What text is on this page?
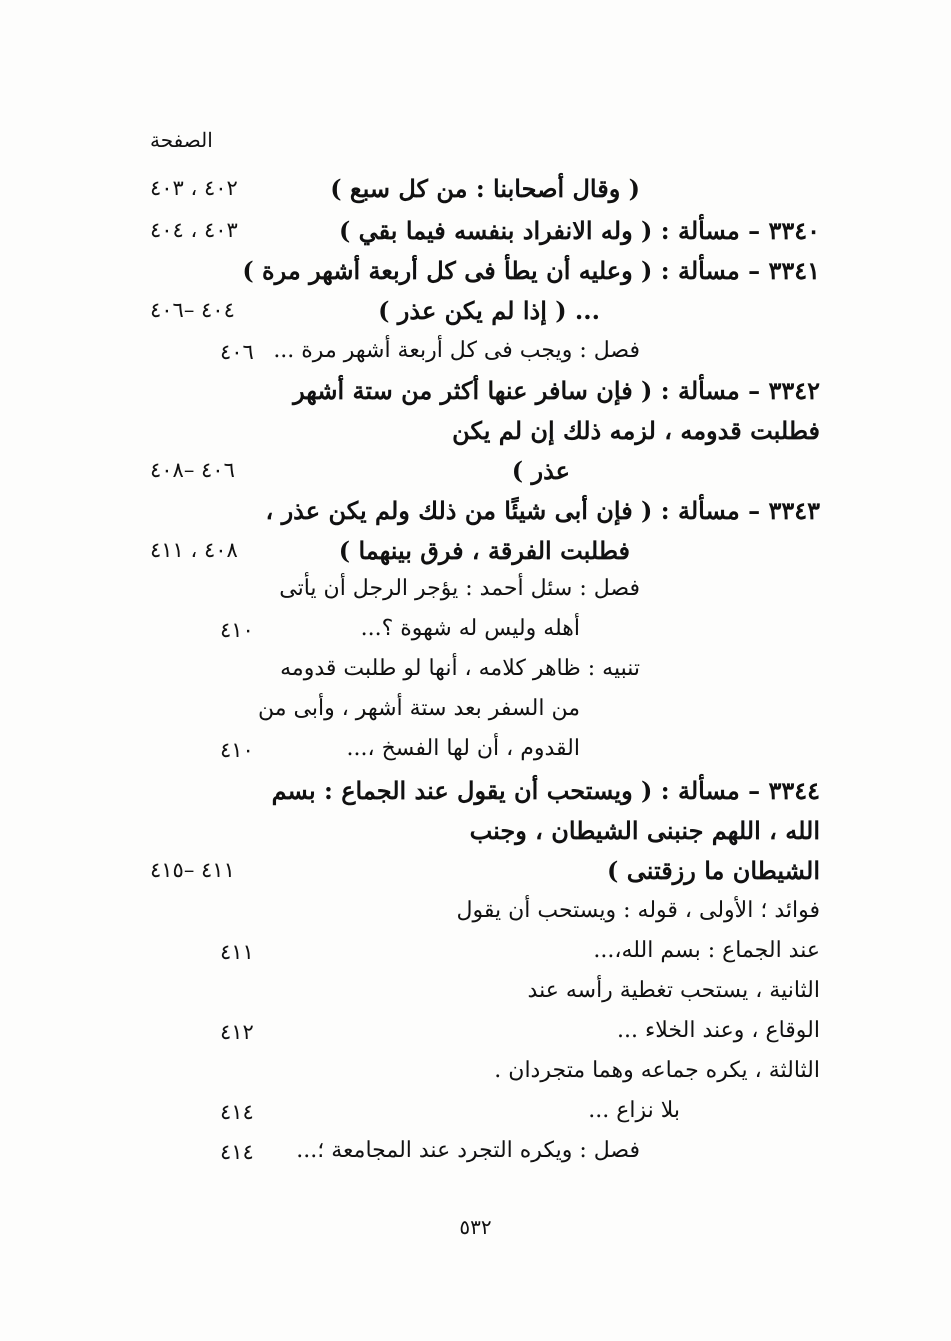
الصفحة
( وقال أصحابنا : من كل سبع )
٤٠٢ ، ٤٠٣
٣٣٤٠ – مسألة : ( وله الانفراد بنفسه فيما بقي )
٤٠٣ ، ٤٠٤
٣٣٤١ – مسألة : ( وعليه أن يطأ فى كل أربعة أشهر مرة )
... ( إذا لم يكن عذر )
٤٠٤ –٤٠٦
فصل : ويجب فى كل أربعة أشهر مرة ...
٤٠٦
٣٣٤٢ – مسألة : ( فإن سافر عنها أكثر من ستة أشهر
فطلبت قدومه ، لزمه ذلك إن لم يكن
عذر )
٤٠٦ –٤٠٨
٣٣٤٣ – مسألة : ( فإن أبى شيئًا من ذلك ولم يكن عذر ،
فطلبت الفرقة ، فرق بينهما )
٤٠٨ ، ٤١١
فصل : سئل أحمد : يؤجر الرجل أن يأتى
أهله وليس له شهوة ؟...
٤١٠
تنبيه : ظاهر كلامه ، أنها لو طلبت قدومه
من السفر بعد ستة أشهر ، وأبى من
القدوم ، أن لها الفسخ ،...
٤١٠
٣٣٤٤ – مسألة : ( ويستحب أن يقول عند الجماع : بسم
الله ، اللهم جنبنى الشيطان ، وجنب
الشيطان ما رزقتنى )
٤١١ –٤١٥
فوائد ؛ الأولى ، قوله : ويستحب أن يقول
عند الجماع : بسم الله،...
٤١١
الثانية ، يستحب تغطية رأسه عند
الوقاع ، وعند الخلاء ...
٤١٢
الثالثة ، يكره جماعه وهما متجردان .
بلا نزاع ...
٤١٤
فصل : ويكره التجرد عند المجامعة ؛...
٤١٤
٥٣٢
